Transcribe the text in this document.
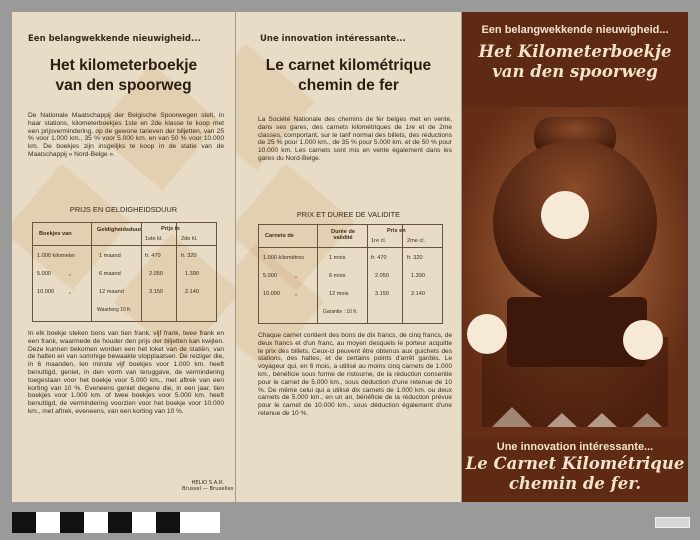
Een belangwekkende nieuwigheid...
Het kilometerboekje
van den spoorweg
De Nationale Maatschappij der Belgische Spoorwegen stelt, in haar stations, kilometerboekjes 1ste en 2de klasse te koop met een prijsvermindering, op de gewone tarieven der biljetten, van 25 % voor 1.000 km., 35 % voor 5.000 km. en van 50 % voor 10.000 km. De boekjes zijn insgelijks te koop in de statie van de Maatschappij « Nord-Belge ».
PRIJS EN GELDIGHEIDSDUUR
Boekjes van
Geldigheidsduur	Prijs in
1ste kl.	2de kl.
1.000 kilometer	1 maand	fr. 470	fr. 320
5.000	„	6 maand	2.050	1.390
10.000	„	12 maand	3.150	2.140
Waarborg 10 fr.
In elk boekje steken bons van tien frank, vijf frank, twee frank en een frank, waarmede de houder den prijs der biljetten kan kwijten. Deze kunnen bekomen worden een het loket van de statiën, van de halten en van sommige bewaakte stopplaatsen. De reiziger die, in 6 maanden, ten minste vijf boekjes voor 1.000 km. heeft benuttigd, geniet, in den vorm van teruggave, de vermindering toegestaan voor het boekje voor 5.000 km., met aftrek van een korting van 10 %. Eveneens geniet degene die, in een jaar, tien boekjes voor 1.000 km. of twee boekjes voor 5.000 km. heeft benuttigd, de vermindering voorzien voor het boekje voor 10.000 km., met aftrek, eveneens, van een korting van 10 %.
HELIO S.A.R.
Brussel — Bruxelles
Une innovation intéressante...
Le carnet kilométrique
chemin de fer
La Société Nationale des chemins de fer belges met en vente, dans ses gares, des carnets kilométriques de 1re et de 2me classes, comportant, sur le tarif normal des billets, des réductions de 25 % pour 1.000 km., de 35 % pour 5.000 km. et de 50 % pour 10.000 km. Les carnets sont mis en vente également dans les gares du Nord-Belge.
PRIX ET DUREE DE VALIDITE
Carnets de
Durée de validité
Prix en
1re cl.	2me cl.
1.000 kilomètres	1 mois	fr. 470	fr. 320
5.000	„	6 mois	2.050	1.390
10.000	„	12 mois	3.150	2.140
Garantie : 10 fr.
Chaque carnet contient des bons de dix francs, de cinq francs, de deux francs et d'un franc, au moyen desquels le porteur acquitte le prix des billets. Ceux-ci peuvent être obtenus aux guichets des stations, des haltes, et de certains points d'arrêt gardés. Le voyageur qui, en 6 mois, a utilisé au moins cinq carnets de 1.000 km., bénéficie sous forme de ristourne, de la réduction consentie pour le carnet de 5.000 km., sous déduction d'une retenue de 10 %. De même celui qui a utilisé dix carnets de 1.000 km. ou deux carnets de 5.000 km., en un an, bénéficie de la réduction prévue pour le carnet de 10.000 km., sous déduction également d'une retenue de 10 %.
Een belangwekkende nieuwigheid...
Het Kilometerboekje
van den spoorweg
Une innovation intéressante...
Le Carnet Kilométrique
chemin de fer.
